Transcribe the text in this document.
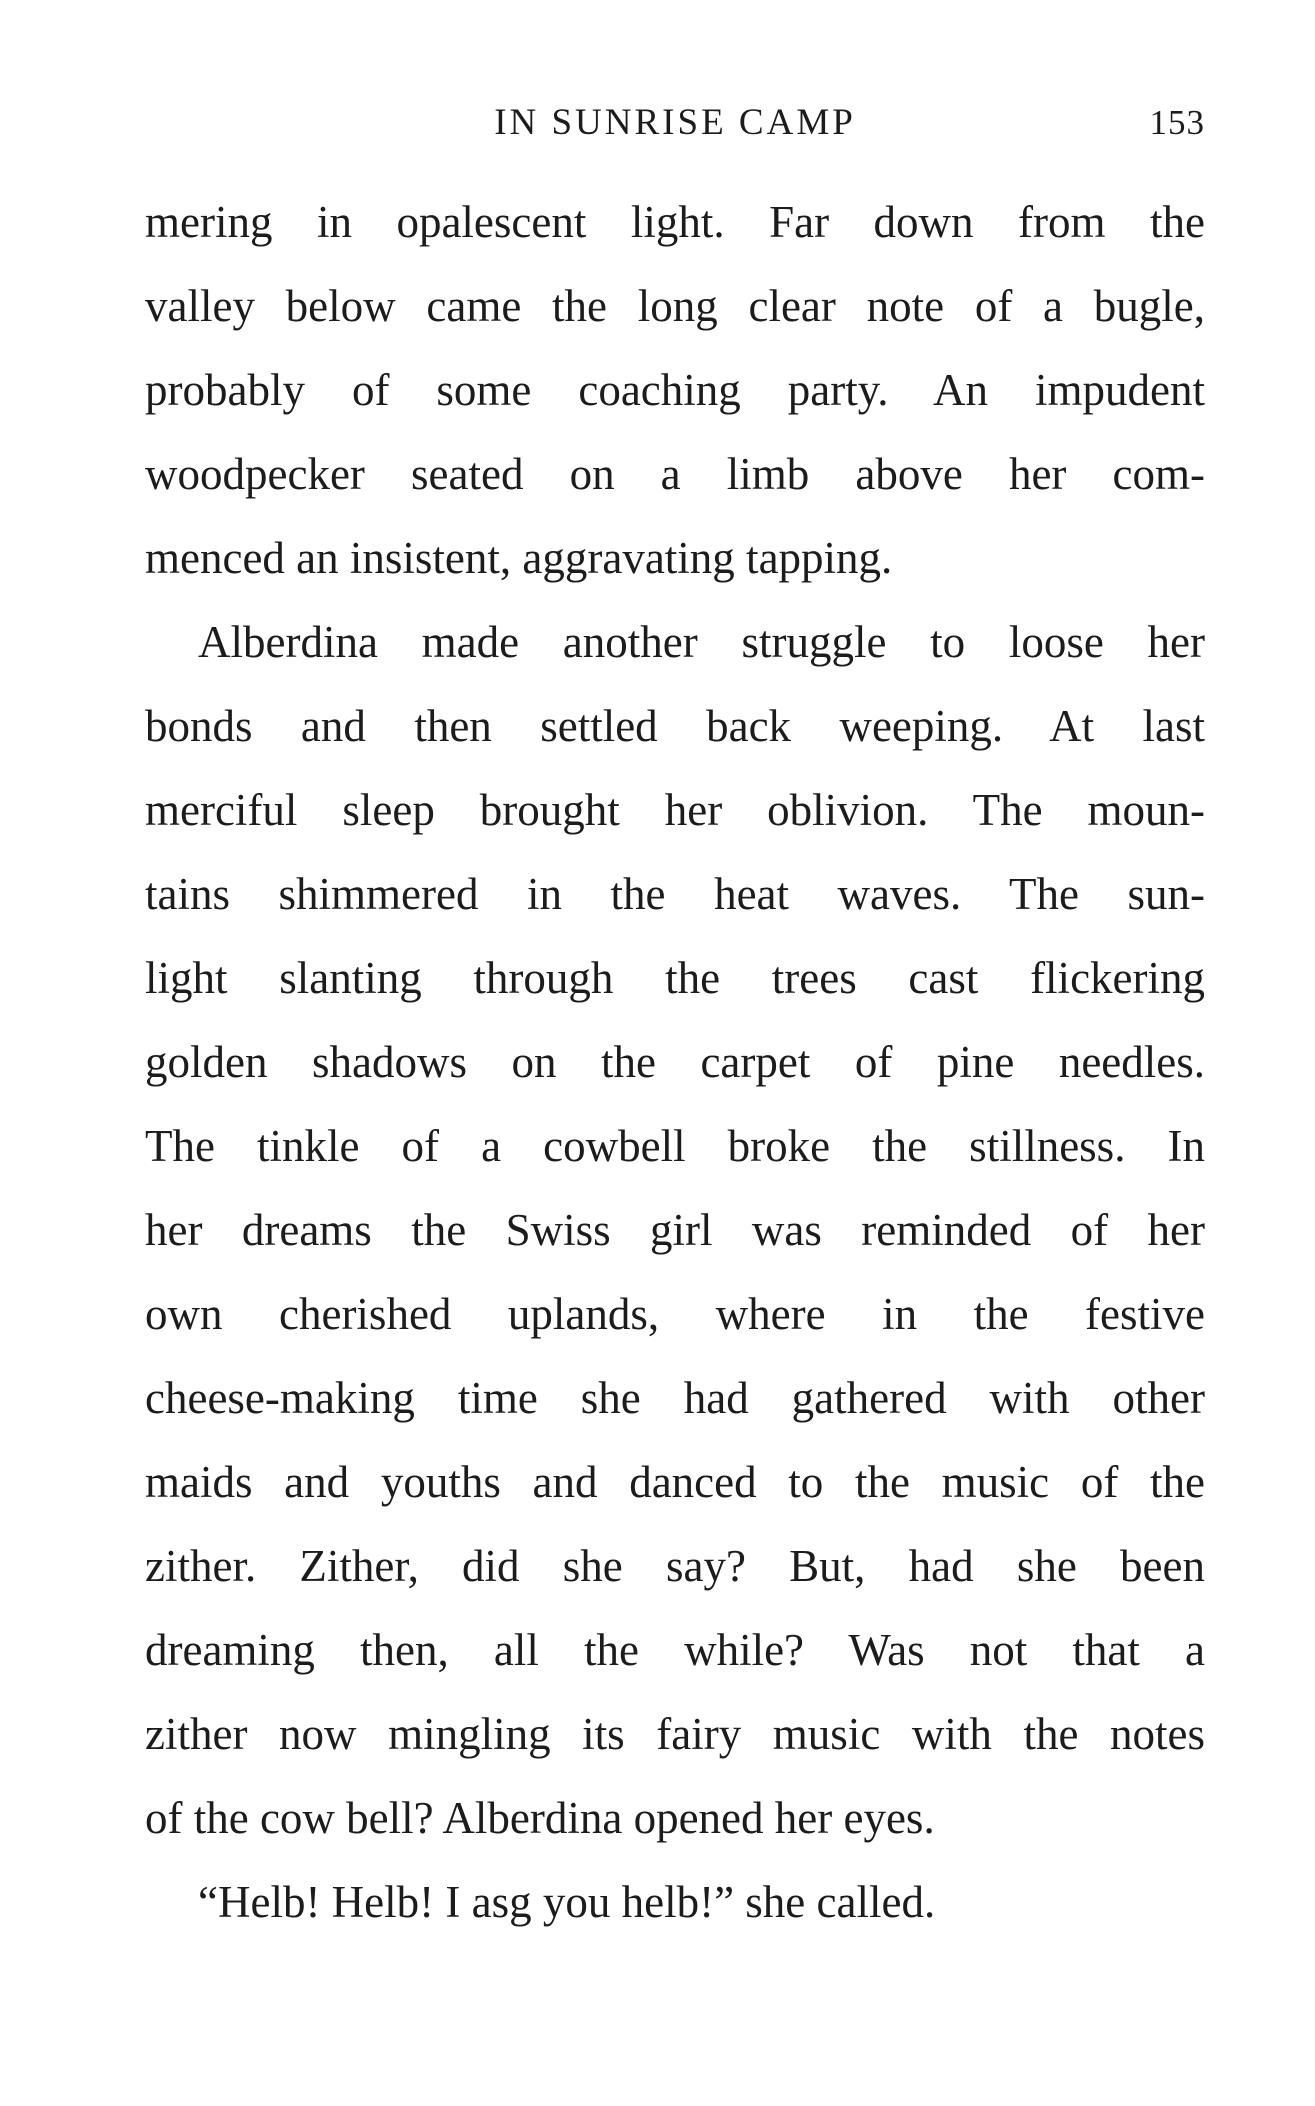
IN SUNRISE CAMP	153
mering in opalescent light. Far down from the
valley below came the long clear note of a bugle,
probably of some coaching party. An impudent
woodpecker seated on a limb above her com-
menced an insistent, aggravating tapping.
Alberdina made another struggle to loose her
bonds and then settled back weeping. At last
merciful sleep brought her oblivion. The moun-
tains shimmered in the heat waves. The sun-
light slanting through the trees cast flickering
golden shadows on the carpet of pine needles.
The tinkle of a cowbell broke the stillness. In
her dreams the Swiss girl was reminded of her
own cherished uplands, where in the festive
cheese-making time she had gathered with other
maids and youths and danced to the music of the
zither. Zither, did she say? But, had she been
dreaming then, all the while? Was not that a
zither now mingling its fairy music with the notes
of the cow bell? Alberdina opened her eyes.
“Helb! Helb! I asg you helb!” she called.
